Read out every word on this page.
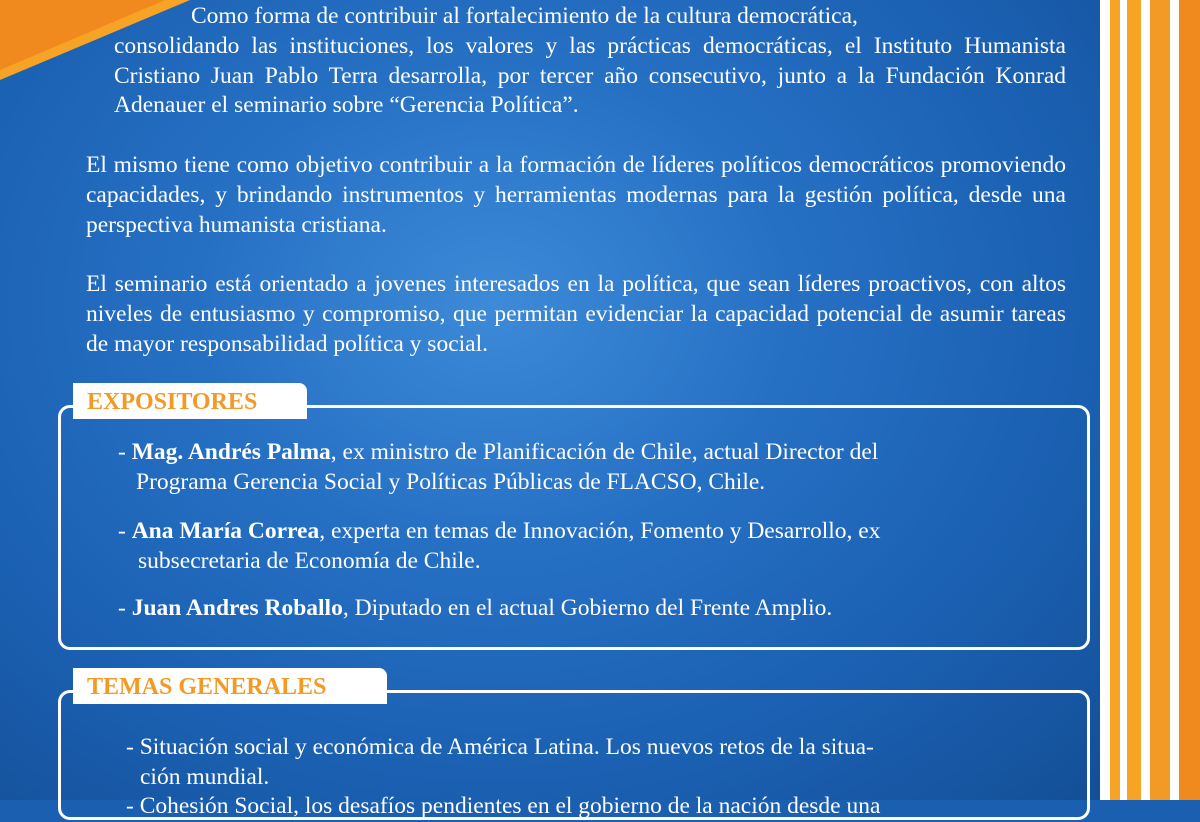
Como forma de contribuir al fortalecimiento de la cultura democrática,
consolidando las instituciones, los valores y las prácticas democráticas, el Instituto Humanista Cristiano Juan Pablo Terra desarrolla, por tercer año consecutivo, junto a la Fundación Konrad Adenauer el seminario sobre “Gerencia Política”.

El mismo tiene como objetivo contribuir a la formación de líderes políticos democráticos promoviendo capacidades, y brindando instrumentos y herramientas modernas para la gestión política, desde una perspectiva humanista cristiana.

El seminario está orientado a jovenes interesados en la política, que sean líderes proactivos, con altos niveles de entusiasmo y compromiso, que permitan evidenciar la capacidad potencial de asumir tareas de mayor responsabilidad política y social.

EXPOSITORES

- Mag. Andrés Palma, ex ministro de Planificación de Chile, actual Director del
Programa Gerencia Social y Políticas Públicas de FLACSO, Chile.

- Ana María Correa, experta en temas de Innovación, Fomento y Desarrollo, ex
subsecretaria de Economía de Chile.

- Juan Andres Roballo, Diputado en el actual Gobierno del Frente Amplio.

TEMAS GENERALES

- Situación social y económica de América Latina. Los nuevos retos de la situa-
ción mundial.

- Cohesión Social, los desafíos pendientes en el gobierno de la nación desde una
